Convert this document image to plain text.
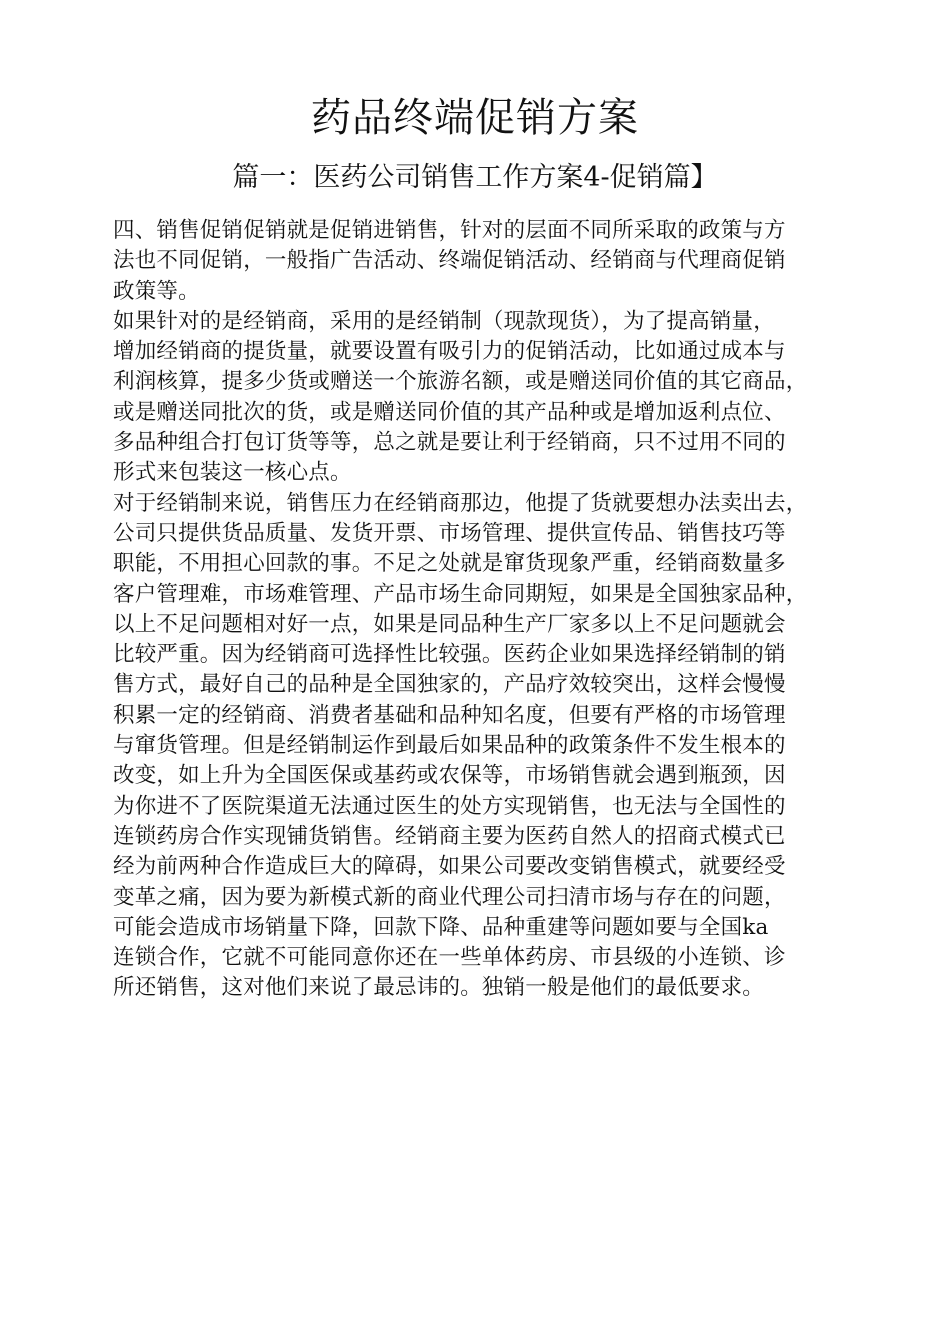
药品终端促销方案
篇一：医药公司销售工作方案4-促销篇】
四、销售促销促销就是促销进销售，针对的层面不同所采取的政策与方
法也不同促销，一般指广告活动、终端促销活动、经销商与代理商促销
政策等。
如果针对的是经销商，采用的是经销制（现款现货），为了提高销量，
增加经销商的提货量，就要设置有吸引力的促销活动，比如通过成本与
利润核算，提多少货或赠送一个旅游名额，或是赠送同价值的其它商品，
或是赠送同批次的货，或是赠送同价值的其产品种或是增加返利点位、
多品种组合打包订货等等，总之就是要让利于经销商，只不过用不同的
形式来包装这一核心点。
对于经销制来说，销售压力在经销商那边，他提了货就要想办法卖出去，
公司只提供货品质量、发货开票、市场管理、提供宣传品、销售技巧等
职能，不用担心回款的事。不足之处就是窜货现象严重，经销商数量多
客户管理难，市场难管理、产品市场生命同期短，如果是全国独家品种，
以上不足问题相对好一点，如果是同品种生产厂家多以上不足问题就会
比较严重。因为经销商可选择性比较强。医药企业如果选择经销制的销
售方式，最好自己的品种是全国独家的，产品疗效较突出，这样会慢慢
积累一定的经销商、消费者基础和品种知名度，但要有严格的市场管理
与窜货管理。但是经销制运作到最后如果品种的政策条件不发生根本的
改变，如上升为全国医保或基药或农保等，市场销售就会遇到瓶颈，因
为你进不了医院渠道无法通过医生的处方实现销售，也无法与全国性的
连锁药房合作实现铺货销售。经销商主要为医药自然人的招商式模式已
经为前两种合作造成巨大的障碍，如果公司要改变销售模式，就要经受
变革之痛，因为要为新模式新的商业代理公司扫清市场与存在的问题，
可能会造成市场销量下降，回款下降、品种重建等问题如要与全国ka
连锁合作，它就不可能同意你还在一些单体药房、市县级的小连锁、诊
所还销售，这对他们来说了最忌讳的。独销一般是他们的最低要求。
